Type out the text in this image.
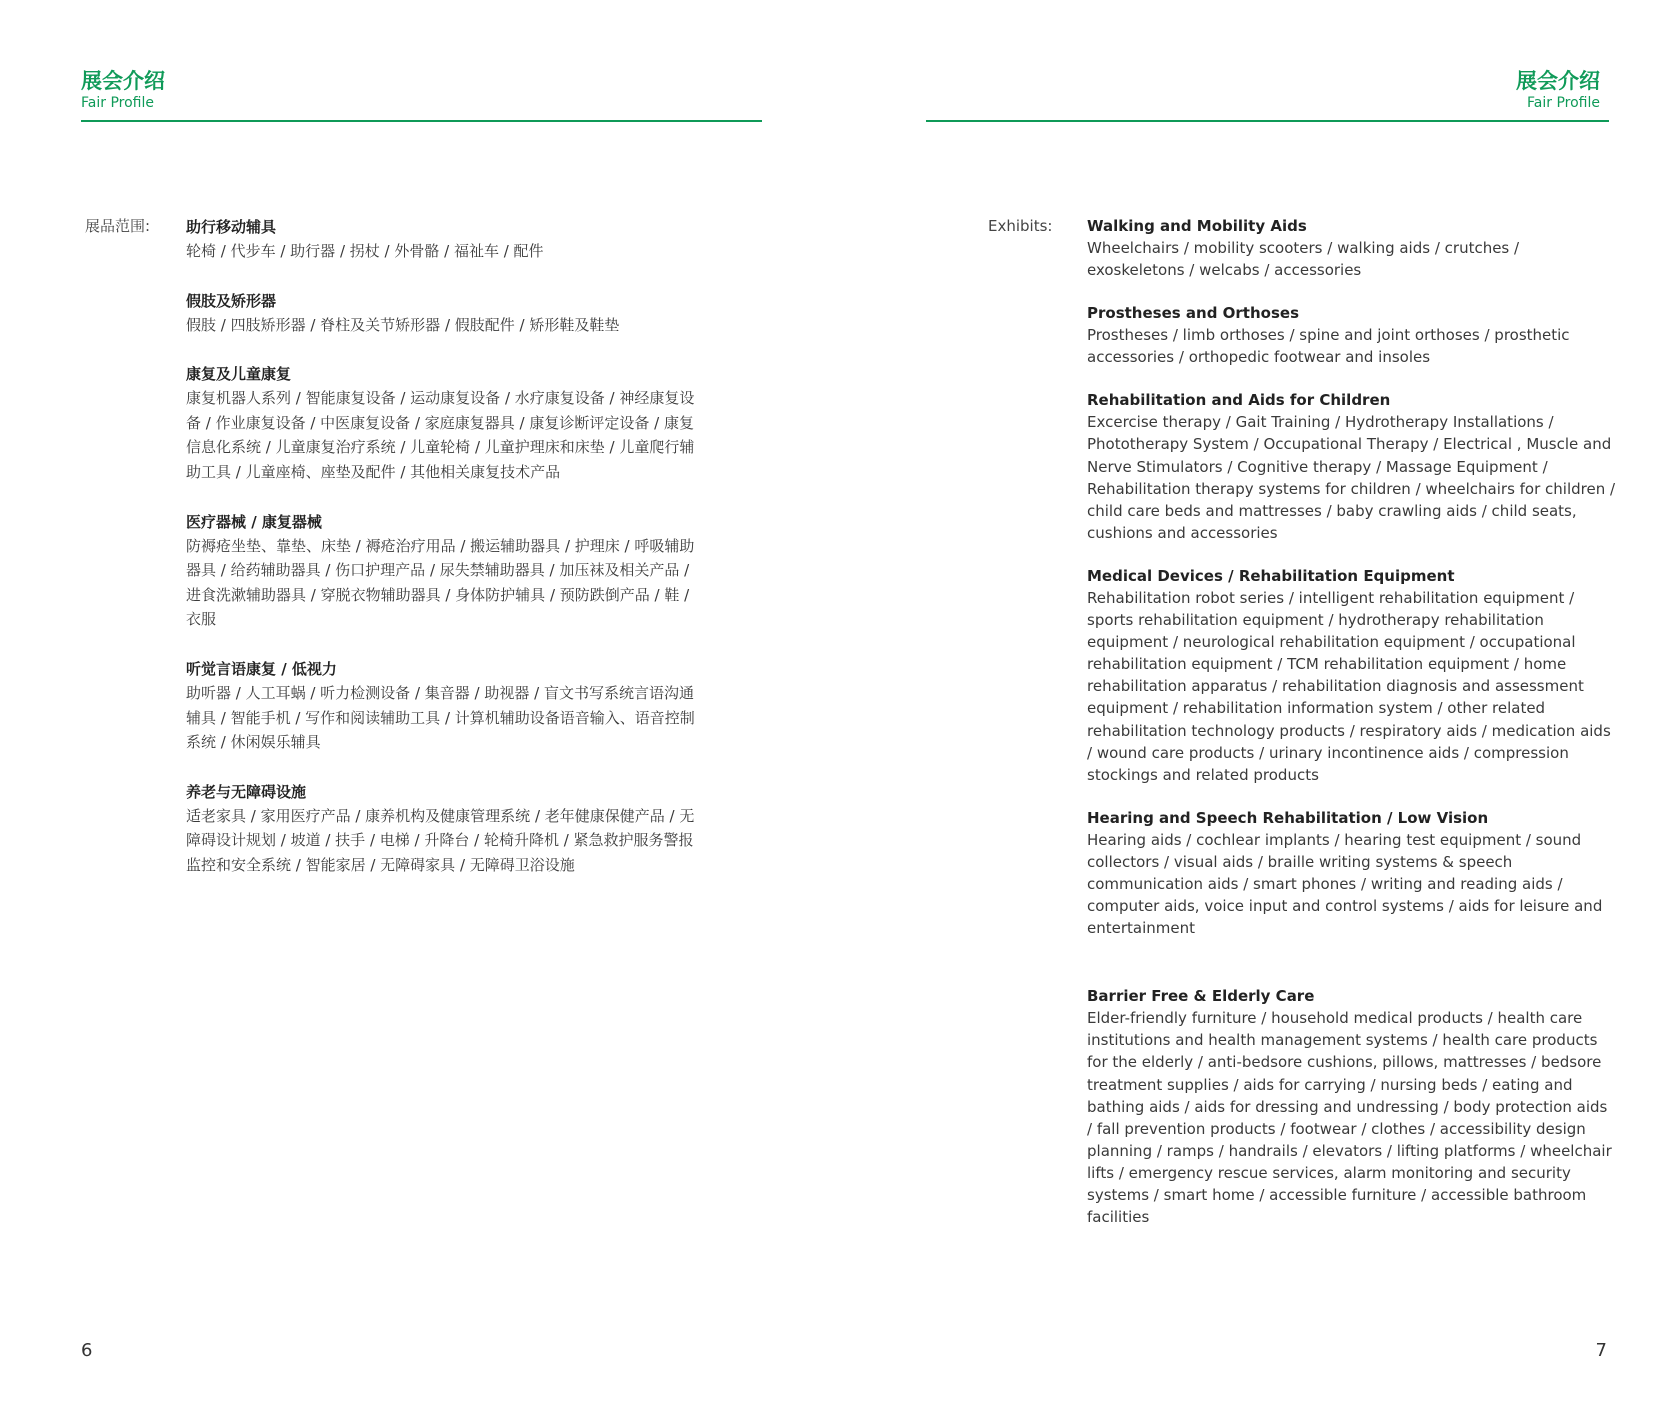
展会介绍

Fair Profile

展品范围: 助行移动辅具

轮椅 / 代步车 / 助行器 / 拐杖 / 外骨骼 / 福祉车 / 配件

假肢及矫形器

假肢 / 四肢矫形器 / 脊柱及关节矫形器 / 假肢配件 / 矫形鞋及鞋垫

康复及儿童康复

康复机器人系列 / 智能康复设备 / 运动康复设备 / 水疗康复设备 / 神经康复设备 / 作业康复设备 / 中医康复设备 / 家庭康复器具 / 康复诊断评定设备 / 康复信息化系统 / 儿童康复治疗系统 / 儿童轮椅 / 儿童护理床和床垫 / 儿童爬行辅助工具 / 儿童座椅、座垫及配件 / 其他相关康复技术产品

医疗器械 / 康复器械

防褥疮坐垫、靠垫、床垫 / 褥疮治疗用品 / 搬运辅助器具 / 护理床 / 呼吸辅助器具 / 给药辅助器具 / 伤口护理产品 / 尿失禁辅助器具 / 加压袜及相关产品 / 进食洗漱辅助器具 / 穿脱衣物辅助器具 / 身体防护辅具 / 预防跌倒产品 / 鞋 / 衣服

听觉言语康复 / 低视力

助听器 / 人工耳蜗 / 听力检测设备 / 集音器 / 助视器 / 盲文书写系统言语沟通辅具 / 智能手机 / 写作和阅读辅助工具 / 计算机辅助设备语音输入、语音控制系统 / 休闲娱乐辅具

养老与无障碍设施

适老家具 / 家用医疗产品 / 康养机构及健康管理系统 / 老年健康保健产品 / 无障碍设计规划 / 坡道 / 扶手 / 电梯 / 升降台 / 轮椅升降机 / 紧急救护服务警报监控和安全系统 / 智能家居 / 无障碍家具 / 无障碍卫浴设施

6

展会介绍

Fair Profile

Exhibits: Walking and Mobility Aids

Wheelchairs / mobility scooters / walking aids / crutches / exoskeletons / welcabs / accessories

Prostheses and Orthoses

Prostheses / limb orthoses / spine and joint orthoses / prosthetic accessories / orthopedic footwear and insoles

Rehabilitation and Aids for Children

Excercise therapy / Gait Training / Hydrotherapy Installations / Phototherapy System / Occupational Therapy / Electrical , Muscle and Nerve Stimulators / Cognitive therapy / Massage Equipment / Rehabilitation therapy systems for children / wheelchairs for children / child care beds and mattresses / baby crawling aids / child seats, cushions and accessories

Medical Devices / Rehabilitation Equipment

Rehabilitation robot series / intelligent rehabilitation equipment / sports rehabilitation equipment / hydrotherapy rehabilitation equipment / neurological rehabilitation equipment / occupational rehabilitation equipment / TCM rehabilitation equipment / home rehabilitation apparatus / rehabilitation diagnosis and assessment equipment / rehabilitation information system / other related rehabilitation technology products / respiratory aids / medication aids / wound care products / urinary incontinence aids / compression stockings and related products

Hearing and Speech Rehabilitation / Low Vision

Hearing aids / cochlear implants / hearing test equipment / sound collectors / visual aids / braille writing systems & speech communication aids / smart phones / writing and reading aids / computer aids, voice input and control systems / aids for leisure and entertainment

Barrier Free & Elderly Care

Elder-friendly furniture / household medical products / health care institutions and health management systems / health care products for the elderly / anti-bedsore cushions, pillows, mattresses / bedsore treatment supplies / aids for carrying / nursing beds / eating and bathing aids / aids for dressing and undressing / body protection aids / fall prevention products / footwear / clothes / accessibility design planning / ramps / handrails / elevators / lifting platforms / wheelchair lifts / emergency rescue services, alarm monitoring and security systems / smart home / accessible furniture / accessible bathroom facilities

7
